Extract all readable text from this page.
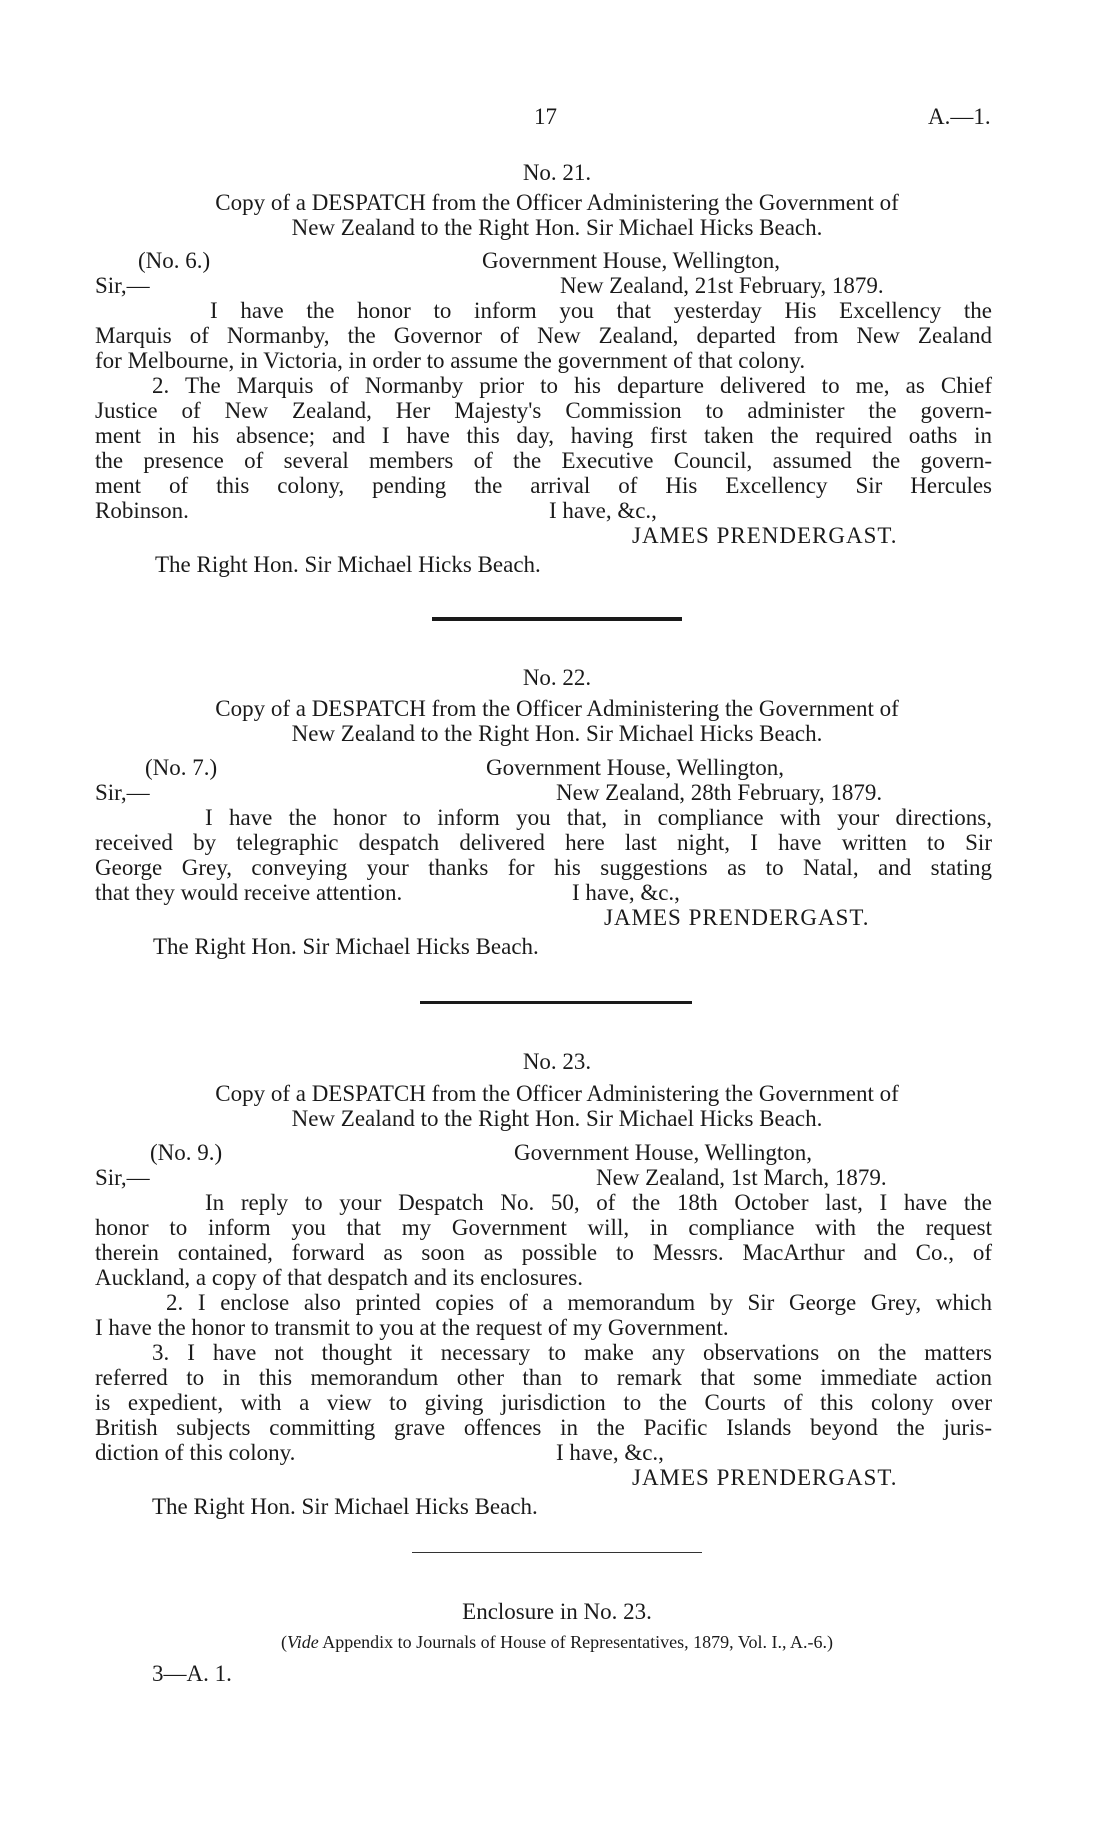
17	A.—1.
No. 21.
Copy of a DESPATCH from the Officer Administering the Government of
New Zealand to the Right Hon. Sir Michael Hicks Beach.
(No. 6.)	Government House, Wellington,
Sir,—	New Zealand, 21st February, 1879.
I have the honor to inform you that yesterday His Excellency the
Marquis of Normanby, the Governor of New Zealand, departed from New Zealand
for Melbourne, in Victoria, in order to assume the government of that colony.
2. The Marquis of Normanby prior to his departure delivered to me, as Chief
Justice of New Zealand, Her Majesty's Commission to administer the govern-
ment in his absence; and I have this day, having first taken the required oaths in
the presence of several members of the Executive Council, assumed the govern-
ment of this colony, pending the arrival of His Excellency Sir Hercules
Robinson.	I have, &c.,
JAMES PRENDERGAST.
The Right Hon. Sir Michael Hicks Beach.
No. 22.
Copy of a DESPATCH from the Officer Administering the Government of
New Zealand to the Right Hon. Sir Michael Hicks Beach.
(No. 7.)	Government House, Wellington,
Sir,—	New Zealand, 28th February, 1879.
I have the honor to inform you that, in compliance with your directions,
received by telegraphic despatch delivered here last night, I have written to Sir
George Grey, conveying your thanks for his suggestions as to Natal, and stating
that they would receive attention.	I have, &c.,
JAMES PRENDERGAST.
The Right Hon. Sir Michael Hicks Beach.
No. 23.
Copy of a DESPATCH from the Officer Administering the Government of
New Zealand to the Right Hon. Sir Michael Hicks Beach.
(No. 9.)	Government House, Wellington,
Sir,—	New Zealand, 1st March, 1879.
In reply to your Despatch No. 50, of the 18th October last, I have the
honor to inform you that my Government will, in compliance with the request
therein contained, forward as soon as possible to Messrs. MacArthur and Co., of
Auckland, a copy of that despatch and its enclosures.
2. I enclose also printed copies of a memorandum by Sir George Grey, which
I have the honor to transmit to you at the request of my Government.
3. I have not thought it necessary to make any observations on the matters
referred to in this memorandum other than to remark that some immediate action
is expedient, with a view to giving jurisdiction to the Courts of this colony over
British subjects committing grave offences in the Pacific Islands beyond the juris-
diction of this colony.	I have, &c.,
JAMES PRENDERGAST.
The Right Hon. Sir Michael Hicks Beach.
Enclosure in No. 23.
(Vide Appendix to Journals of House of Representatives, 1879, Vol. I., A.-6.)
3—A. 1.
